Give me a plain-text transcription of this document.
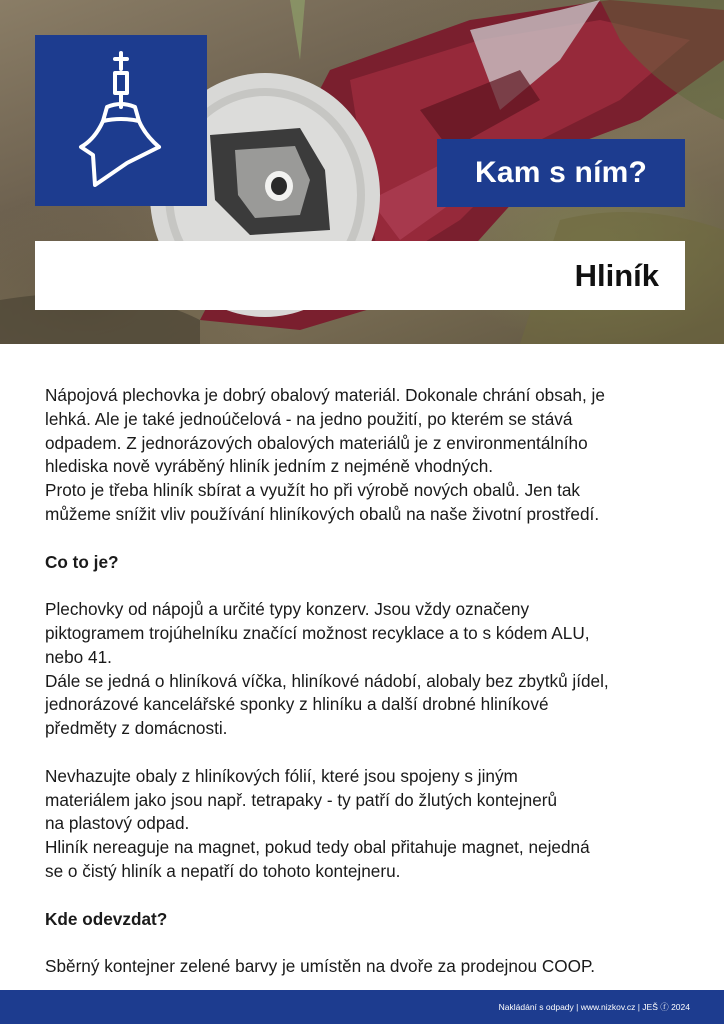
Kam s ním?
Hliník

Nápojová plechovka je dobrý obalový materiál. Dokonale chrání obsah, je
lehká. Ale je také jednoúčelová - na jedno použití, po kterém se stává
odpadem. Z jednorázových obalových materiálů je z environmentálního
hlediska nově vyráběný hliník jedním z nejméně vhodných.
Proto je třeba hliník sbírat a využít ho při výrobě nových obalů. Jen tak
můžeme snížit vliv používání hliníkových obalů na naše životní prostředí.

Co to je?

Plechovky od nápojů a určité typy konzerv. Jsou vždy označeny
piktogramem trojúhelníku značící možnost recyklace a to s kódem ALU,
nebo 41.
Dále se jedná o hliníková víčka, hliníkové nádobí, alobaly bez zbytků jídel,
jednorázové kancelářské sponky z hliníku a další drobné hliníkové
předměty z domácnosti.

Nevhazujte obaly z hliníkových fólií, které jsou spojeny s jiným
materiálem jako jsou např. tetrapaky - ty patří do žlutých kontejnerů
na plastový odpad.
Hliník nereaguje na magnet, pokud tedy obal přitahuje magnet, nejedná
se o čistý hliník a nepatří do tohoto kontejneru.

Kde odevzdat?

Sběrný kontejner zelené barvy je umístěn na dvoře za prodejnou COOP.

Nakládání s odpady | www.nizkov.cz | JEŠ ⓕ 2024
